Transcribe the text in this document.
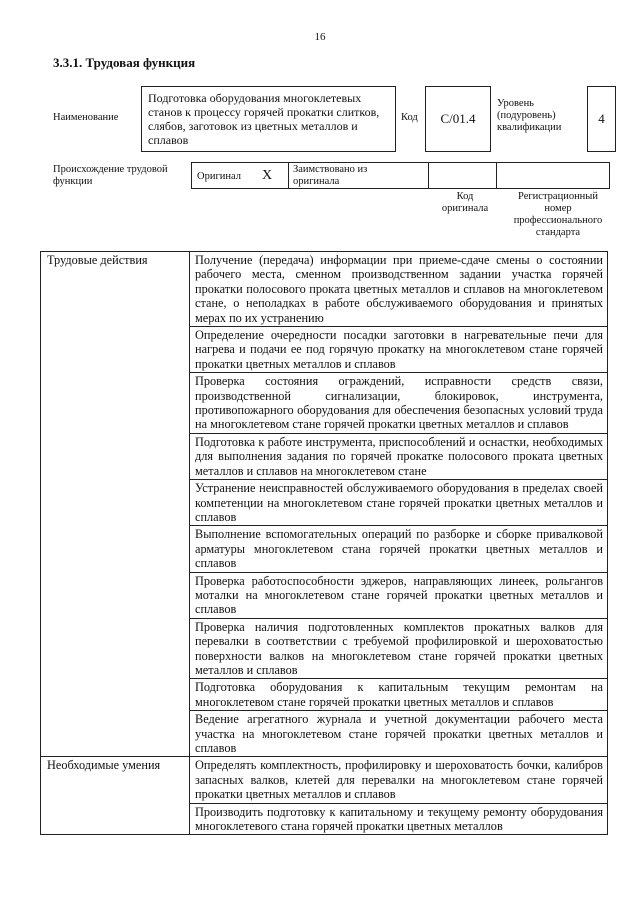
16
3.3.1. Трудовая функция
Наименование
Подготовка оборудования многоклетевых станов к процессу горячей прокатки слитков, слябов, заготовок из цветных металлов и сплавов
Код	C/01.4
Уровень (подуровень) квалификации
4
Происхождение трудовой функции	Оригинал X Заимствовано из оригинала
Код оригинала
Регистрационный номер профессионального стандарта
Трудовые действия	Получение (передача) информации при приеме-сдаче смены о состоянии рабочего места, сменном производственном задании участка горячей прокатки полосового проката цветных металлов и сплавов на многоклетевом стане, о неполадках в работе обслуживаемого оборудования и принятых мерах по их устранению
	Определение очередности посадки заготовки в нагревательные печи для нагрева и подачи ее под горячую прокатку на многоклетевом стане горячей прокатки цветных металлов и сплавов
	Проверка состояния ограждений, исправности средств связи, производственной сигнализации, блокировок, инструмента, противопожарного оборудования для обеспечения безопасных условий труда на многоклетевом стане горячей прокатки цветных металлов и сплавов
	Подготовка к работе инструмента, приспособлений и оснастки, необходимых для выполнения задания по горячей прокатке полосового проката цветных металлов и сплавов на многоклетевом стане
	Устранение неисправностей обслуживаемого оборудования в пределах своей компетенции на многоклетевом стане горячей прокатки цветных металлов и сплавов
	Выполнение вспомогательных операций по разборке и сборке привалковой арматуры многоклетевом стана горячей прокатки цветных металлов и сплавов
	Проверка работоспособности эджеров, направляющих линеек, рольгангов моталки на многоклетевом стане горячей прокатки цветных металлов и сплавов
	Проверка наличия подготовленных комплектов прокатных валков для перевалки в соответствии с требуемой профилировкой и шероховатостью поверхности валков на многоклетевом стане горячей прокатки цветных металлов и сплавов
	Подготовка оборудования к капитальным текущим ремонтам на многоклетевом стане горячей прокатки цветных металлов и сплавов
	Ведение агрегатного журнала и учетной документации рабочего места участка на многоклетевом стане горячей прокатки цветных металлов и сплавов
Необходимые умения	Определять комплектность, профилировку и шероховатость бочки, калибров запасных валков, клетей для перевалки на многоклетевом стане горячей прокатки цветных металлов и сплавов
	Производить подготовку к капитальному и текущему ремонту оборудования многоклетевого стана горячей прокатки цветных металлов
